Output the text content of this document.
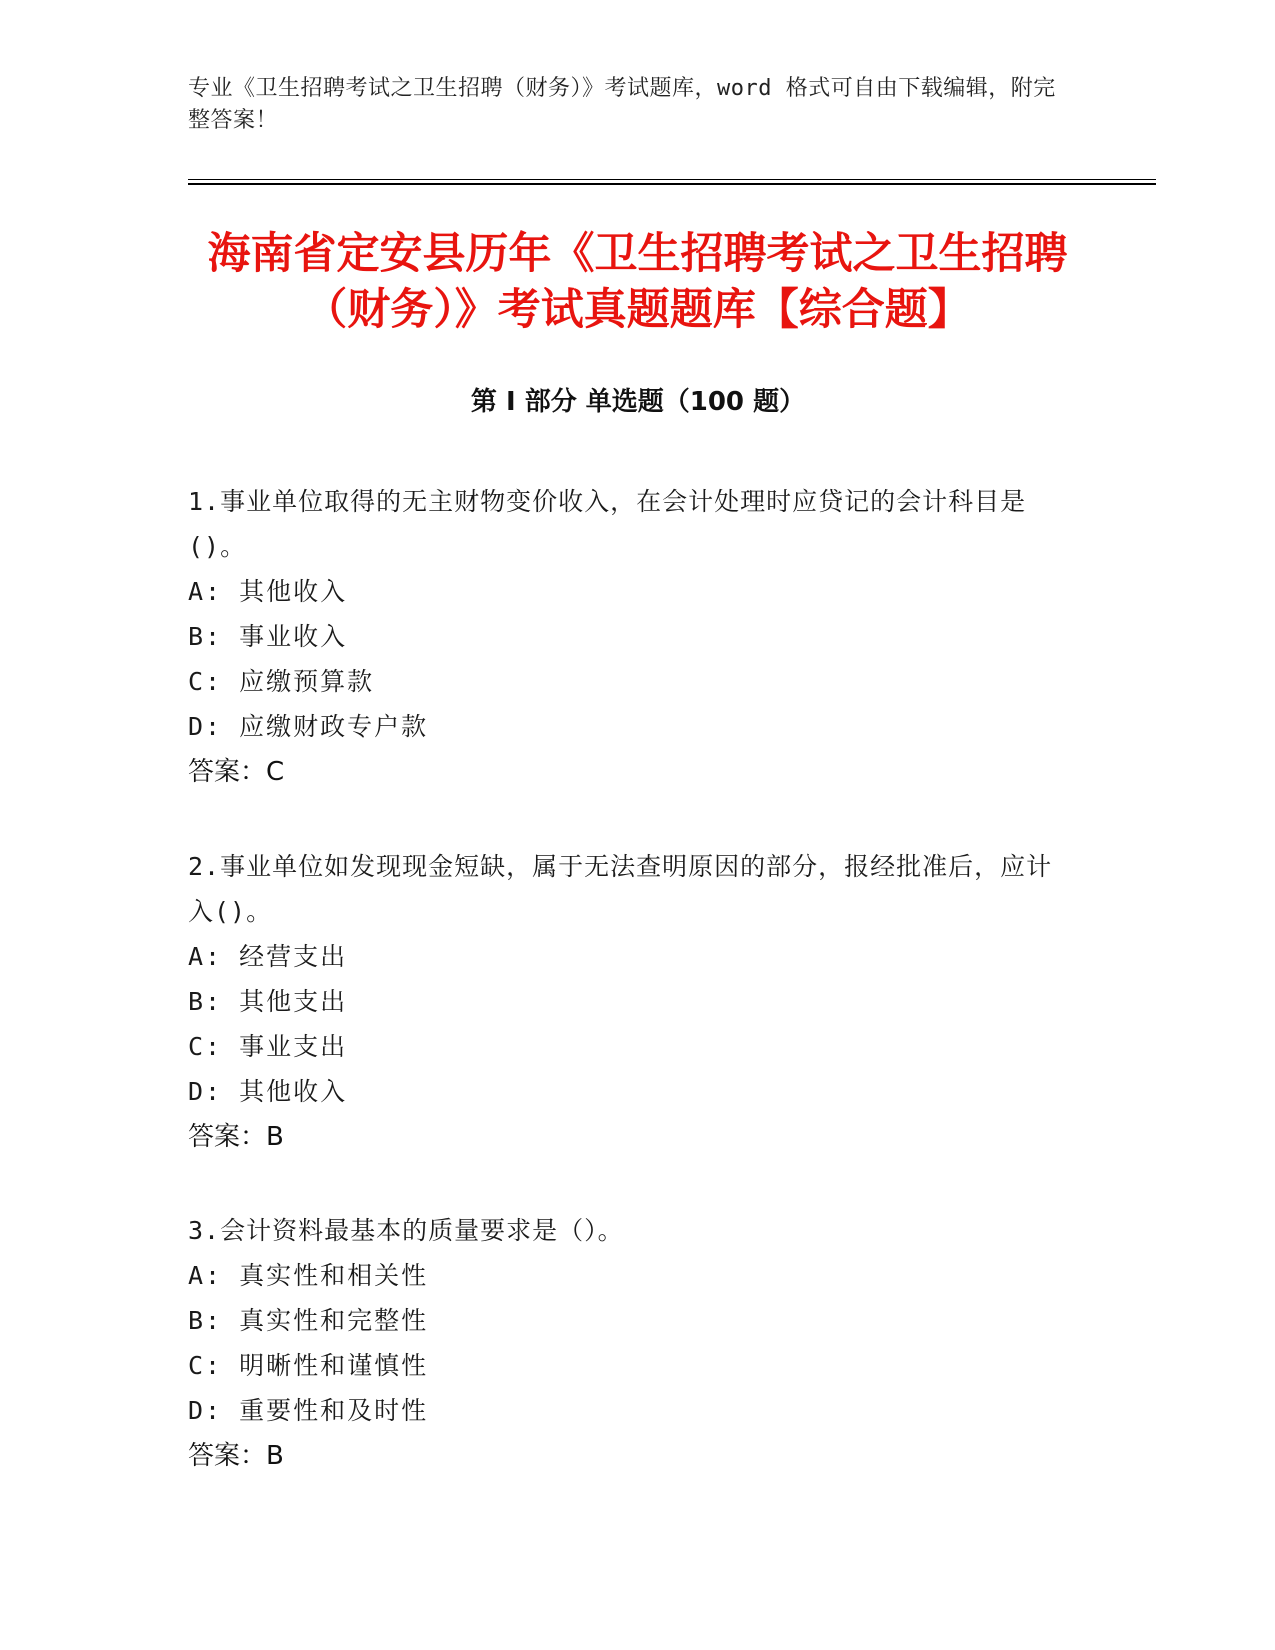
专业《卫生招聘考试之卫生招聘（财务）》考试题库，word 格式可自由下载编辑，附完整答案！
海南省定安县历年《卫生招聘考试之卫生招聘（财务）》考试真题题库【综合题】
第 I 部分 单选题（100 题）

1.事业单位取得的无主财物变价收入，在会计处理时应贷记的会计科目是()。

A: 其他收入

B: 事业收入

C: 应缴预算款

D: 应缴财政专户款

答案：C

2.事业单位如发现现金短缺，属于无法查明原因的部分，报经批准后，应计入()。

A: 经营支出

B: 其他支出

C: 事业支出

D: 其他收入

答案：B

3.会计资料最基本的质量要求是（）。

A: 真实性和相关性

B: 真实性和完整性

C: 明晰性和谨慎性

D: 重要性和及时性

答案：B
